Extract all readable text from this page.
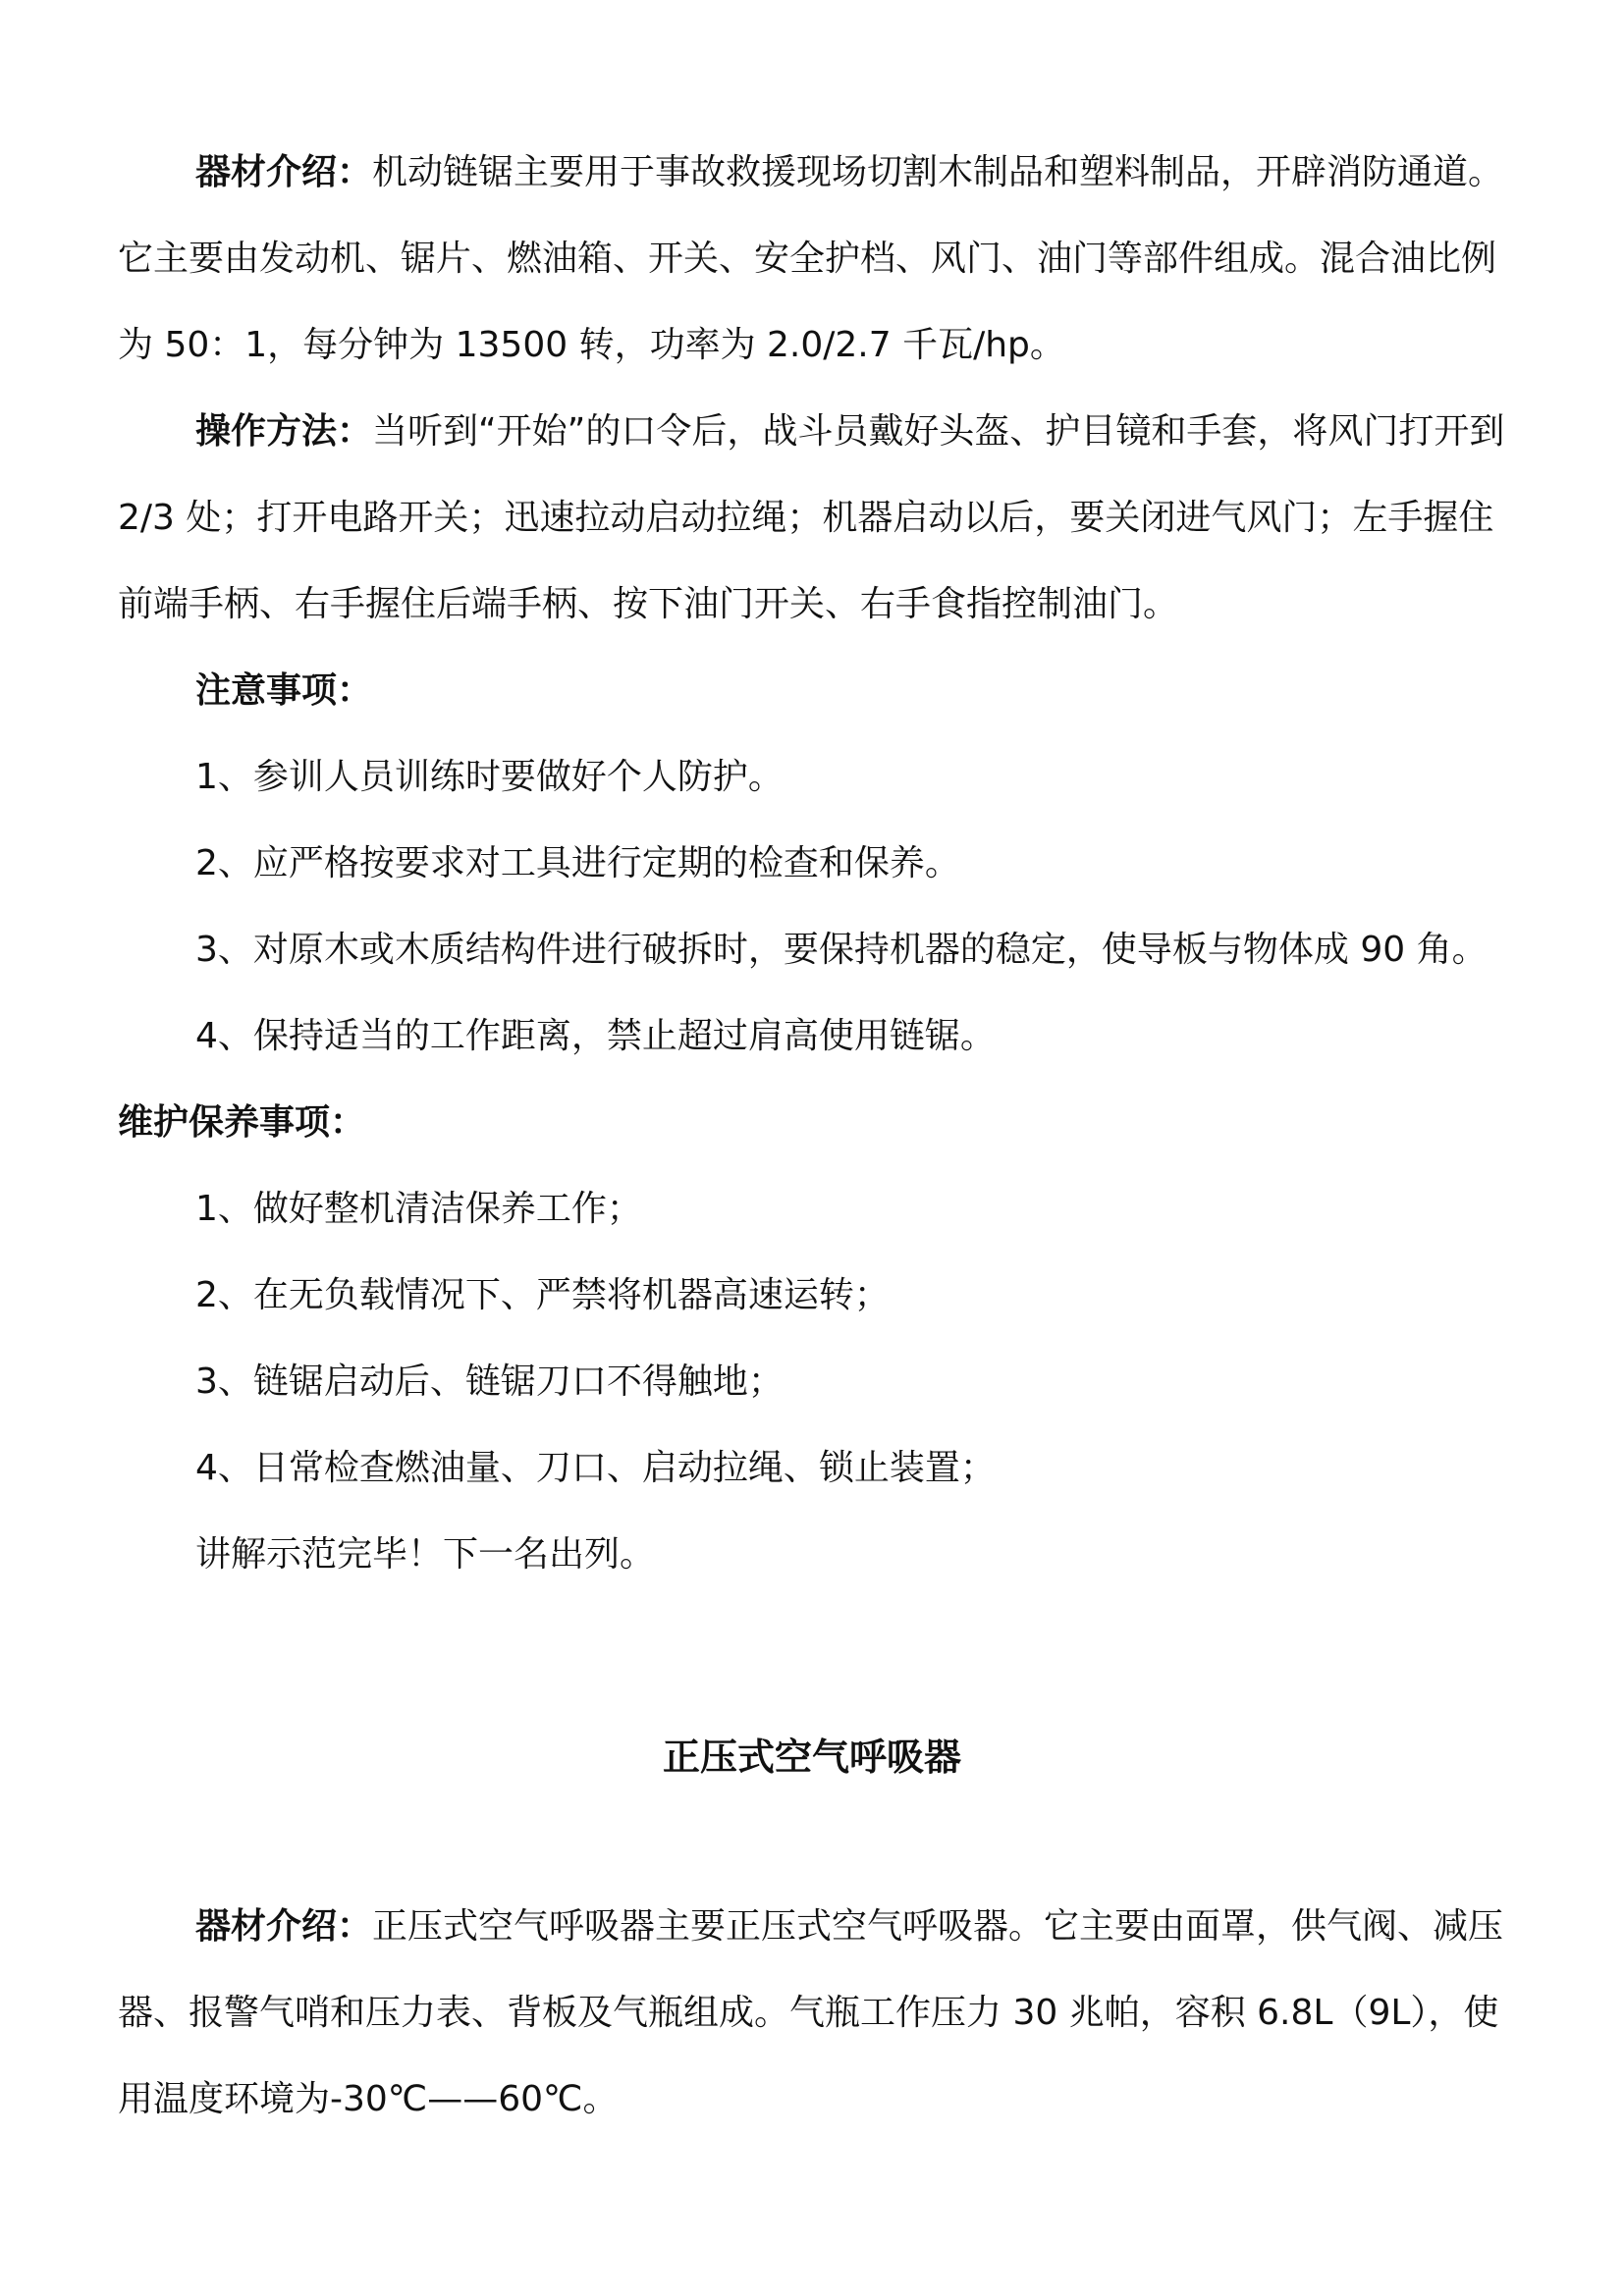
器材介绍：机动链锯主要用于事故救援现场切割木制品和塑料制品，开辟消防通道。它主要由发动机、锯片、燃油箱、开关、安全护档、风门、油门等部件组成。混合油比例为 50：1，每分钟为 13500 转，功率为 2.0/2.7 千瓦/hp。

操作方法：当听到“开始”的口令后，战斗员戴好头盔、护目镜和手套，将风门打开到 2/3 处；打开电路开关；迅速拉动启动拉绳；机器启动以后，要关闭进气风门；左手握住前端手柄、右手握住后端手柄、按下油门开关、右手食指控制油门。

注意事项：

1、参训人员训练时要做好个人防护。

2、应严格按要求对工具进行定期的检查和保养。

3、对原木或木质结构件进行破拆时，要保持机器的稳定，使导板与物体成 90 角。

4、保持适当的工作距离，禁止超过肩高使用链锯。

维护保养事项：

1、做好整机清洁保养工作；

2、在无负载情况下、严禁将机器高速运转；

3、链锯启动后、链锯刀口不得触地；

4、日常检查燃油量、刀口、启动拉绳、锁止装置；

讲解示范完毕！下一名出列。

正压式空气呼吸器

器材介绍：正压式空气呼吸器主要正压式空气呼吸器。它主要由面罩，供气阀、减压器、报警气哨和压力表、背板及气瓶组成。气瓶工作压力 30 兆帕，容积 6.8L（9L），使用温度环境为-30℃——60℃。
